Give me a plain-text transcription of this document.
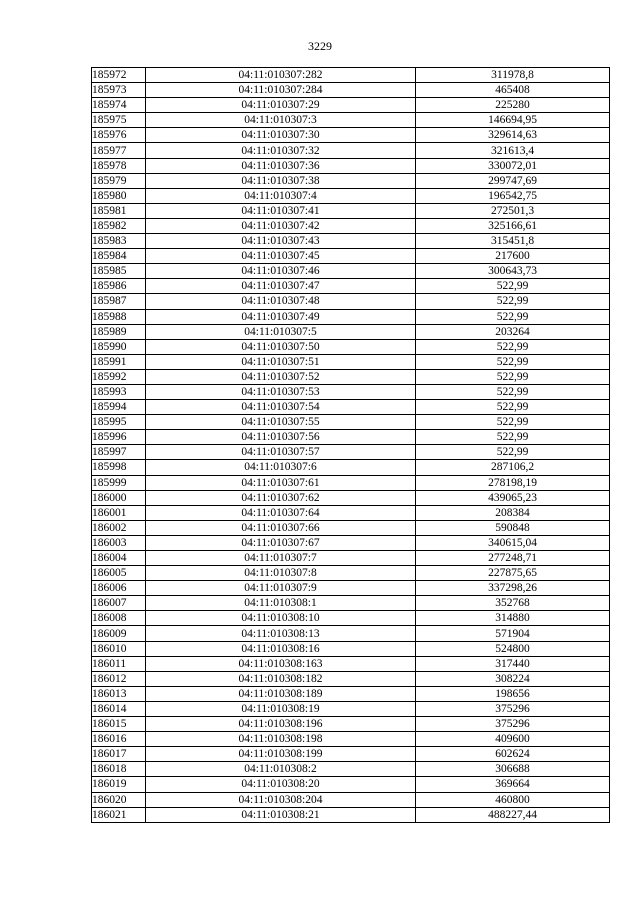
3229
185972	04:11:010307:282	311978,8
185973	04:11:010307:284	465408
185974	04:11:010307:29	225280
185975	04:11:010307:3	146694,95
185976	04:11:010307:30	329614,63
185977	04:11:010307:32	321613,4
185978	04:11:010307:36	330072,01
185979	04:11:010307:38	299747,69
185980	04:11:010307:4	196542,75
185981	04:11:010307:41	272501,3
185982	04:11:010307:42	325166,61
185983	04:11:010307:43	315451,8
185984	04:11:010307:45	217600
185985	04:11:010307:46	300643,73
185986	04:11:010307:47	522,99
185987	04:11:010307:48	522,99
185988	04:11:010307:49	522,99
185989	04:11:010307:5	203264
185990	04:11:010307:50	522,99
185991	04:11:010307:51	522,99
185992	04:11:010307:52	522,99
185993	04:11:010307:53	522,99
185994	04:11:010307:54	522,99
185995	04:11:010307:55	522,99
185996	04:11:010307:56	522,99
185997	04:11:010307:57	522,99
185998	04:11:010307:6	287106,2
185999	04:11:010307:61	278198,19
186000	04:11:010307:62	439065,23
186001	04:11:010307:64	208384
186002	04:11:010307:66	590848
186003	04:11:010307:67	340615,04
186004	04:11:010307:7	277248,71
186005	04:11:010307:8	227875,65
186006	04:11:010307:9	337298,26
186007	04:11:010308:1	352768
186008	04:11:010308:10	314880
186009	04:11:010308:13	571904
186010	04:11:010308:16	524800
186011	04:11:010308:163	317440
186012	04:11:010308:182	308224
186013	04:11:010308:189	198656
186014	04:11:010308:19	375296
186015	04:11:010308:196	375296
186016	04:11:010308:198	409600
186017	04:11:010308:199	602624
186018	04:11:010308:2	306688
186019	04:11:010308:20	369664
186020	04:11:010308:204	460800
186021	04:11:010308:21	488227,44
